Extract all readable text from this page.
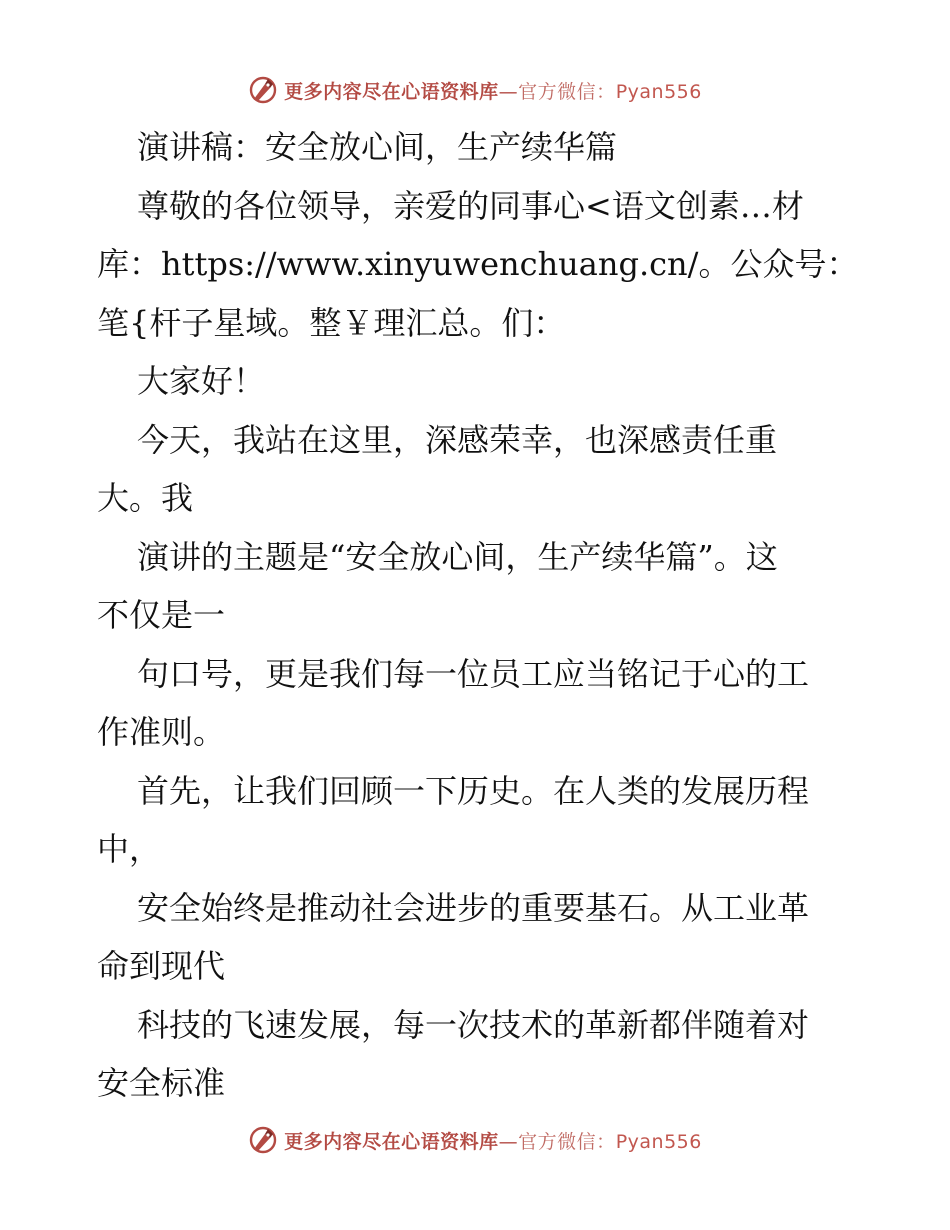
更多内容尽在心语资料库—官方微信：Pyan556
演讲稿：安全放心间，生产续华篇
尊敬的各位领导，亲爱的同事心<语文创素…材
库：https://www.xinyuwenchuang.cn/。公众号：
笔{杆子星域。整￥理汇总。们：
大家好！
今天，我站在这里，深感荣幸，也深感责任重
大。我
演讲的主题是“安全放心间，生产续华篇”。这
不仅是一
句口号，更是我们每一位员工应当铭记于心的工
作准则。
首先，让我们回顾一下历史。在人类的发展历程
中，
安全始终是推动社会进步的重要基石。从工业革
命到现代
科技的飞速发展，每一次技术的革新都伴随着对
安全标准
更多内容尽在心语资料库—官方微信：Pyan556
